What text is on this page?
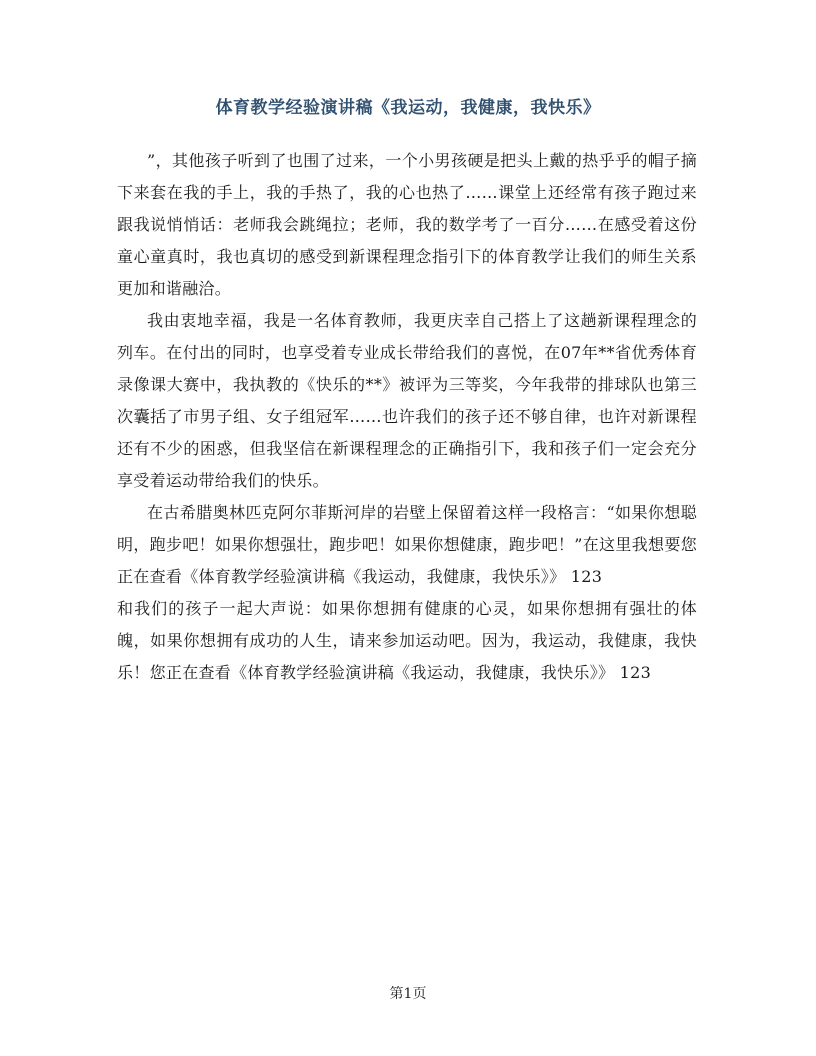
体育教学经验演讲稿《我运动，我健康，我快乐》

”，其他孩子听到了也围了过来，一个小男孩硬是把头上戴的热乎乎的帽子摘下来套在我的手上，我的手热了，我的心也热了……课堂上还经常有孩子跑过来跟我说悄悄话：老师我会跳绳拉；老师，我的数学考了一百分……在感受着这份童心童真时，我也真切的感受到新课程理念指引下的体育教学让我们的师生关系更加和谐融洽。

我由衷地幸福，我是一名体育教师，我更庆幸自己搭上了这趟新课程理念的列车。在付出的同时，也享受着专业成长带给我们的喜悦，在07年**省优秀体育录像课大赛中，我执教的《快乐的**》被评为三等奖，今年我带的排球队也第三次囊括了市男子组、女子组冠军……也许我们的孩子还不够自律，也许对新课程还有不少的困惑，但我坚信在新课程理念的正确指引下，我和孩子们一定会充分享受着运动带给我们的快乐。

在古希腊奥林匹克阿尔菲斯河岸的岩壁上保留着这样一段格言：“如果你想聪明，跑步吧！如果你想强壮，跑步吧！如果你想健康，跑步吧！”在这里我想要您正在查看《体育教学经验演讲稿《我运动，我健康，我快乐》》 123

和我们的孩子一起大声说：如果你想拥有健康的心灵，如果你想拥有强壮的体魄，如果你想拥有成功的人生，请来参加运动吧。因为，我运动，我健康，我快乐！您正在查看《体育教学经验演讲稿《我运动，我健康，我快乐》》 123

第1页
